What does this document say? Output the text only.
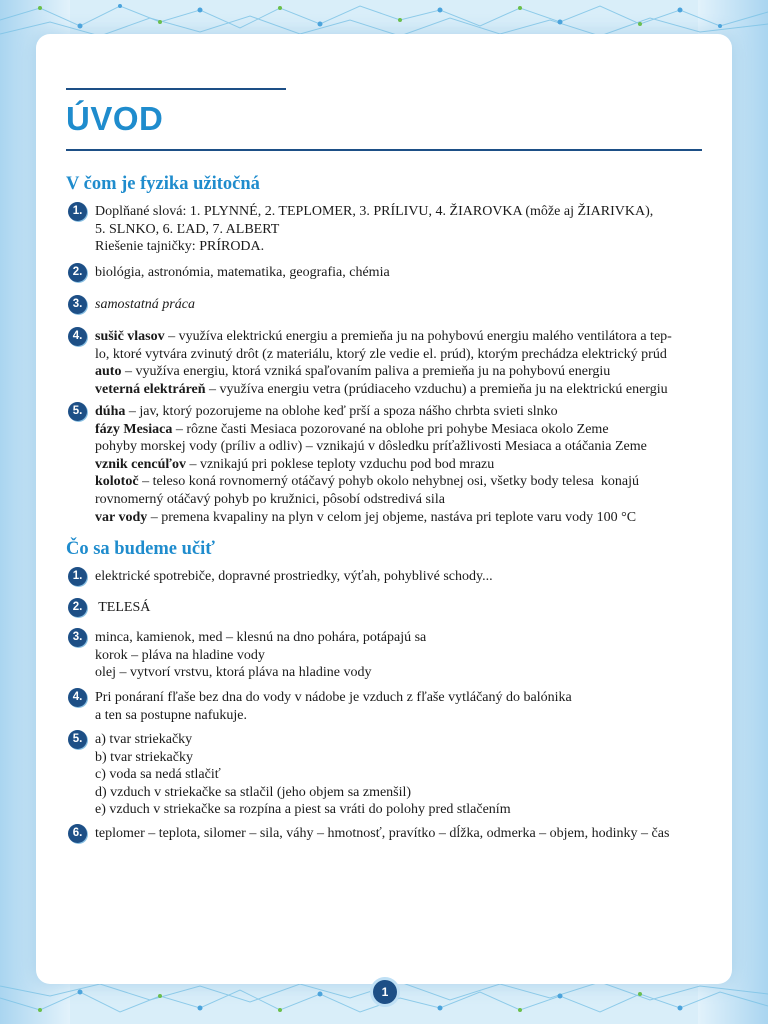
ÚVOD
V čom je fyzika užitočná
1. Doplňané slová: 1. PLYNNÉ, 2. TEPLOMER, 3. PRÍLIVU, 4. ŽIAROVKA (môže aj ŽIARIVKA),
5. SLNKO, 6. ĽAD, 7. ALBERT
Riešenie tajničky: PRÍRODA.
2. biológia, astronómia, matematika, geografia, chémia
3. samostatná práca
4. sušič vlasov – využíva elektrickú energiu a premieňa ju na pohybovú energiu malého ventilátora a tep-
lo, ktoré vytvára zvinutý drôt (z materiálu, ktorý zle vedie el. prúd), ktorým prechádza elektrický prúd
auto – využíva energiu, ktorá vzniká spaľovaním paliva a premieňa ju na pohybovú energiu
veterná elektráreň – využíva energiu vetra (prúdiaceho vzduchu) a premieňa ju na elektrickú energiu
5. dúha – jav, ktorý pozorujeme na oblohe keď prší a spoza nášho chrbta svieti slnko
fázy Mesiaca – rôzne časti Mesiaca pozorované na oblohe pri pohybe Mesiaca okolo Zeme
pohyby morskej vody (príliv a odliv) – vznikajú v dôsledku príťažlivosti Mesiaca a otáčania Zeme
vznik cencúľov – vznikajú pri poklese teploty vzduchu pod bod mrazu
kolotoč – teleso koná rovnomerný otáčavý pohyb okolo nehybnej osi, všetky body telesa  konajú
rovnomerný otáčavý pohyb po kružnici, pôsobí odstredivá sila
var vody – premena kvapaliny na plyn v celom jej objeme, nastáva pri teplote varu vody 100 °C
Čo sa budeme učiť
1. elektrické spotrebiče, dopravné prostriedky, výťah, pohyblivé schody...
2. TELESÁ
3. minca, kamienok, med – klesnú na dno pohára, potápajú sa
korok – pláva na hladine vody
olej – vytvorí vrstvu, ktorá pláva na hladine vody
4. Pri ponáraní fľaše bez dna do vody v nádobe je vzduch z fľaše vytláčaný do balónika
a ten sa postupne nafukuje.
5. a) tvar striekačky
b) tvar striekačky
c) voda sa nedá stlačiť
d) vzduch v striekačke sa stlačil (jeho objem sa zmenšil)
e) vzduch v striekačke sa rozpína a piest sa vráti do polohy pred stlačením
6. teplomer – teplota, silomer – sila, váhy – hmotnosť, pravítko – dĺžka, odmerka – objem, hodinky – čas
1
